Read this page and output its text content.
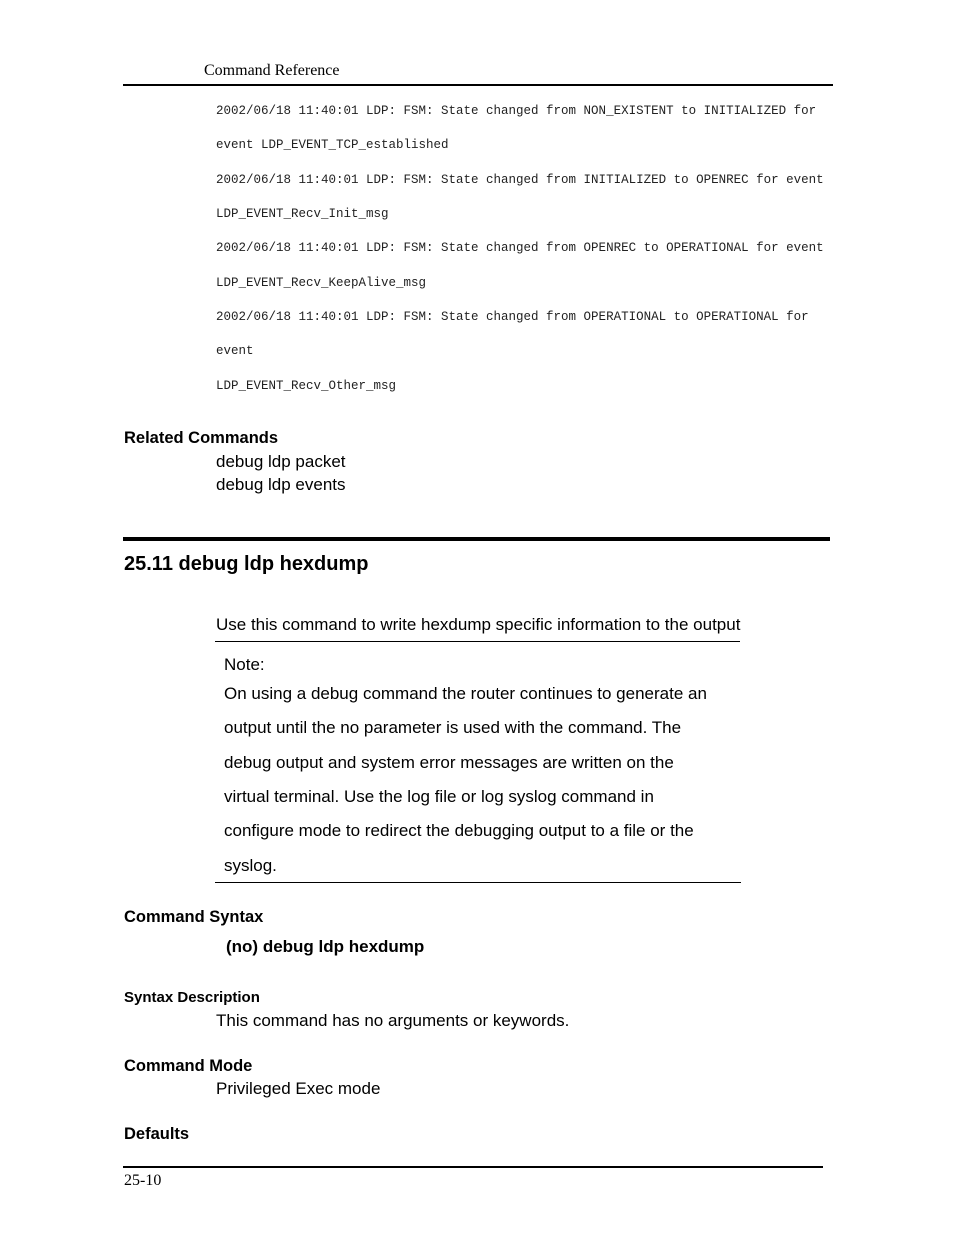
Command Reference
2002/06/18 11:40:01 LDP: FSM: State changed from NON_EXISTENT to INITIALIZED for
event LDP_EVENT_TCP_established
2002/06/18 11:40:01 LDP: FSM: State changed from INITIALIZED to OPENREC for event
LDP_EVENT_Recv_Init_msg
2002/06/18 11:40:01 LDP: FSM: State changed from OPENREC to OPERATIONAL for event
LDP_EVENT_Recv_KeepAlive_msg
2002/06/18 11:40:01 LDP: FSM: State changed from OPERATIONAL to OPERATIONAL for
event
LDP_EVENT_Recv_Other_msg
Related Commands
debug ldp packet
debug ldp events
25.11 debug ldp hexdump
Use this command to write hexdump specific information to the output
Note:
On using a debug command the router continues to generate an
output until the no parameter is used with the command. The
debug output and system error messages are written on the
virtual terminal. Use the log file or log syslog command in
configure mode to redirect the debugging output to a file or the
syslog.
Command Syntax
(no) debug ldp hexdump
Syntax Description
This command has no arguments or keywords.
Command Mode
Privileged Exec mode
Defaults
25-10
